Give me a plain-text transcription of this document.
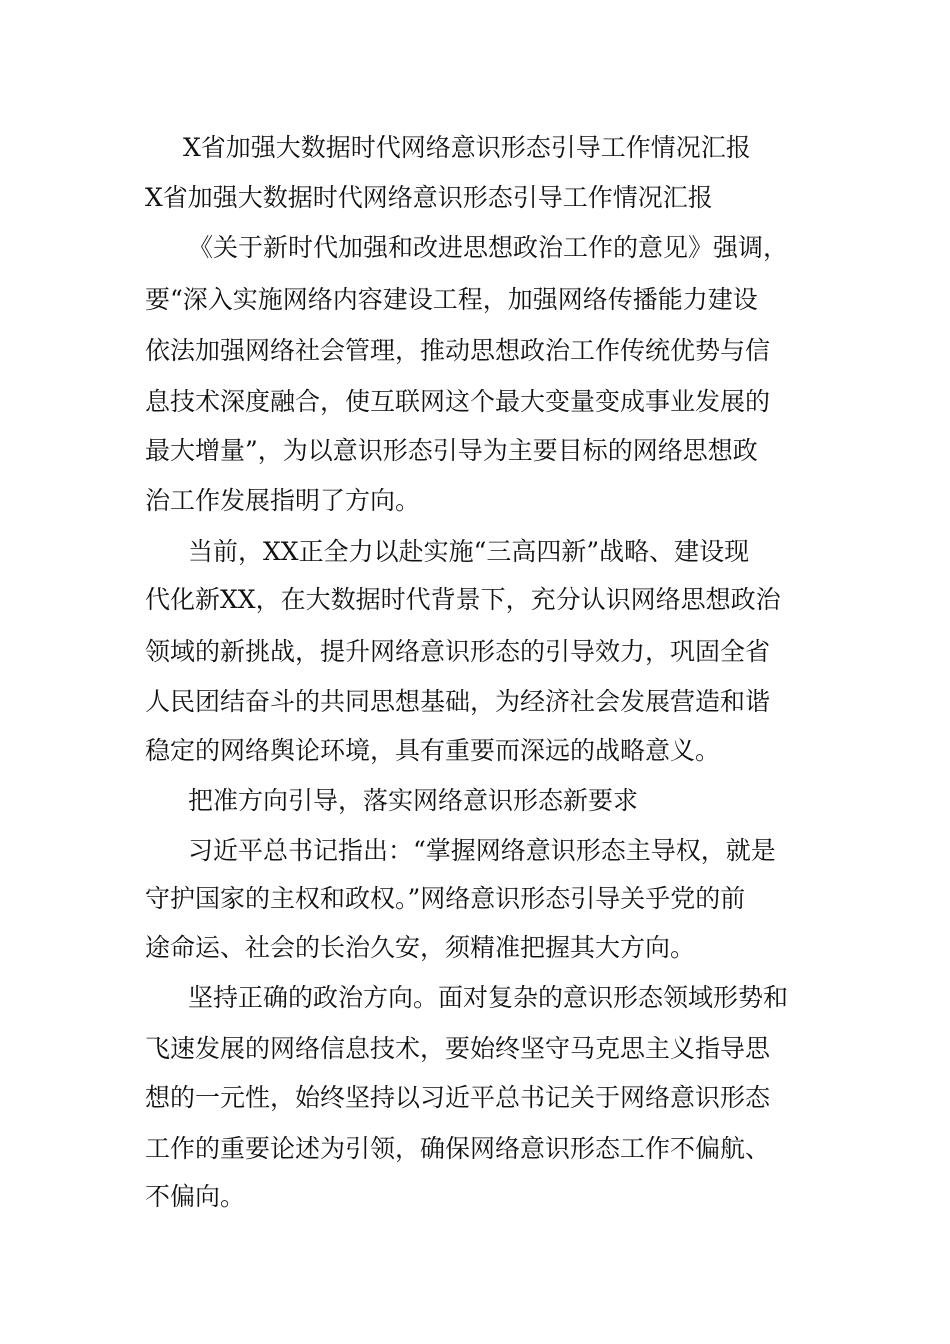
X省加强大数据时代网络意识形态引导工作情况汇报

X省加强大数据时代网络意识形态引导工作情况汇报

《关于新时代加强和改进思想政治工作的意见》强调，

要“深入实施网络内容建设工程，加强网络传播能力建设

依法加强网络社会管理，推动思想政治工作传统优势与信

息技术深度融合，使互联网这个最大变量变成事业发展的

最大增量”，为以意识形态引导为主要目标的网络思想政

治工作发展指明了方向。

当前，XX正全力以赴实施“三高四新”战略、建设现

代化新XX，在大数据时代背景下，充分认识网络思想政治

领域的新挑战，提升网络意识形态的引导效力，巩固全省

人民团结奋斗的共同思想基础，为经济社会发展营造和谐

稳定的网络舆论环境，具有重要而深远的战略意义。

把准方向引导，落实网络意识形态新要求

习近平总书记指出：“掌握网络意识形态主导权，就是

守护国家的主权和政权。”网络意识形态引导关乎党的前

途命运、社会的长治久安，须精准把握其大方向。

坚持正确的政治方向。面对复杂的意识形态领域形势和

飞速发展的网络信息技术，要始终坚守马克思主义指导思

想的一元性，始终坚持以习近平总书记关于网络意识形态

工作的重要论述为引领，确保网络意识形态工作不偏航、

不偏向。
